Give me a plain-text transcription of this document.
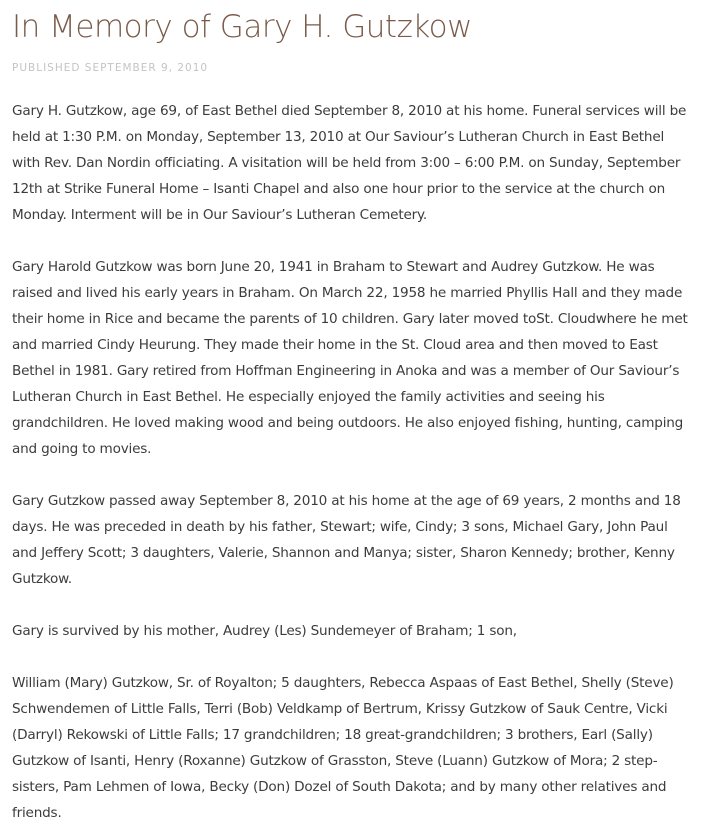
In Memory of Gary H. Gutzkow
PUBLISHED SEPTEMBER 9, 2010

Gary H. Gutzkow, age 69, of East Bethel died September 8, 2010 at his home. Funeral services will be held at 1:30 P.M. on Monday, September 13, 2010 at Our Saviour’s Lutheran Church in East Bethel with Rev. Dan Nordin officiating. A visitation will be held from 3:00 – 6:00 P.M. on Sunday, September 12th at Strike Funeral Home – Isanti Chapel and also one hour prior to the service at the church on Monday. Interment will be in Our Saviour’s Lutheran Cemetery.

Gary Harold Gutzkow was born June 20, 1941 in Braham to Stewart and Audrey Gutzkow. He was raised and lived his early years in Braham. On March 22, 1958 he married Phyllis Hall and they made their home in Rice and became the parents of 10 children. Gary later moved toSt. Cloudwhere he met and married Cindy Heurung. They made their home in the St. Cloud area and then moved to East Bethel in 1981. Gary retired from Hoffman Engineering in Anoka and was a member of Our Saviour’s Lutheran Church in East Bethel. He especially enjoyed the family activities and seeing his grandchildren. He loved making wood and being outdoors. He also enjoyed fishing, hunting, camping and going to movies.

Gary Gutzkow passed away September 8, 2010 at his home at the age of 69 years, 2 months and 18 days. He was preceded in death by his father, Stewart; wife, Cindy; 3 sons, Michael Gary, John Paul and Jeffery Scott; 3 daughters, Valerie, Shannon and Manya; sister, Sharon Kennedy; brother, Kenny Gutzkow.

Gary is survived by his mother, Audrey (Les) Sundemeyer of Braham; 1 son,

William (Mary) Gutzkow, Sr. of Royalton; 5 daughters, Rebecca Aspaas of East Bethel, Shelly (Steve) Schwendemen of Little Falls, Terri (Bob) Veldkamp of Bertrum, Krissy Gutzkow of Sauk Centre, Vicki (Darryl) Rekowski of Little Falls; 17 grandchildren; 18 great-grandchildren; 3 brothers, Earl (Sally) Gutzkow of Isanti, Henry (Roxanne) Gutzkow of Grasston, Steve (Luann) Gutzkow of Mora; 2 step-sisters, Pam Lehmen of Iowa, Becky (Don) Dozel of South Dakota; and by many other relatives and friends.
